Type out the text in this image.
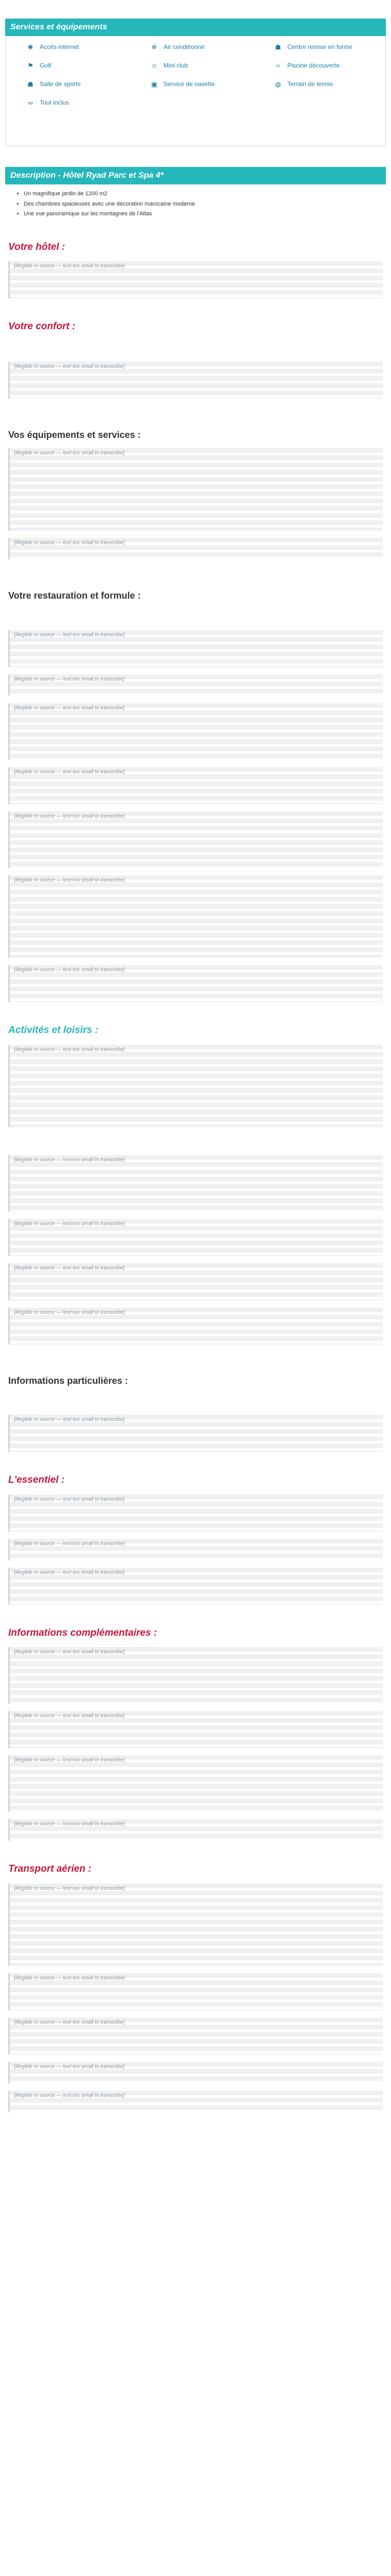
Services et équipements
✺ Accès internet	❄ Air conditionné	☗ Centre remise en forme
⚑ Golf	☺ Mini club	≈	Piscine découverte
☗ Salle de sports	▣ Service de navette	◍ Terrain de tennis
∞ Tout inclus
Description - Hôtel Ryad Parc et Spa 4*
• Un magnifique jardin de 1200 m2
• Des chambres spacieuses avec une décoration marocaine moderne
• Une vue panoramique sur les montagnes de l'Atlas
Votre hôtel :
[illegible in source — text too small to transcribe]
Votre confort :
[illegible in source — text too small to transcribe]
Vos équipements et services :
[illegible in source — text too small to transcribe]
[illegible in source — text too small to transcribe]
Votre restauration et formule :
[illegible in source — text too small to transcribe]
[illegible in source — text too small to transcribe]
[illegible in source — text too small to transcribe]
[illegible in source — text too small to transcribe]
[illegible in source — text too small to transcribe]
[illegible in source — text too small to transcribe]
[illegible in source — text too small to transcribe]
Activités et loisirs :
[illegible in source — text too small to transcribe]
[illegible in source — text too small to transcribe]
[illegible in source — text too small to transcribe]
[illegible in source — text too small to transcribe]
[illegible in source — text too small to transcribe]
Informations particulières :
[illegible in source — text too small to transcribe]
L'essentiel :
[illegible in source — text too small to transcribe]
[illegible in source — text too small to transcribe]
[illegible in source — text too small to transcribe]
Informations complémentaires :
[illegible in source — text too small to transcribe]
[illegible in source — text too small to transcribe]
[illegible in source — text too small to transcribe]
[illegible in source — text too small to transcribe]
Transport aérien :
[illegible in source — text too small to transcribe]
[illegible in source — text too small to transcribe]
[illegible in source — text too small to transcribe]
[illegible in source — text too small to transcribe]
[illegible in source — text too small to transcribe]
